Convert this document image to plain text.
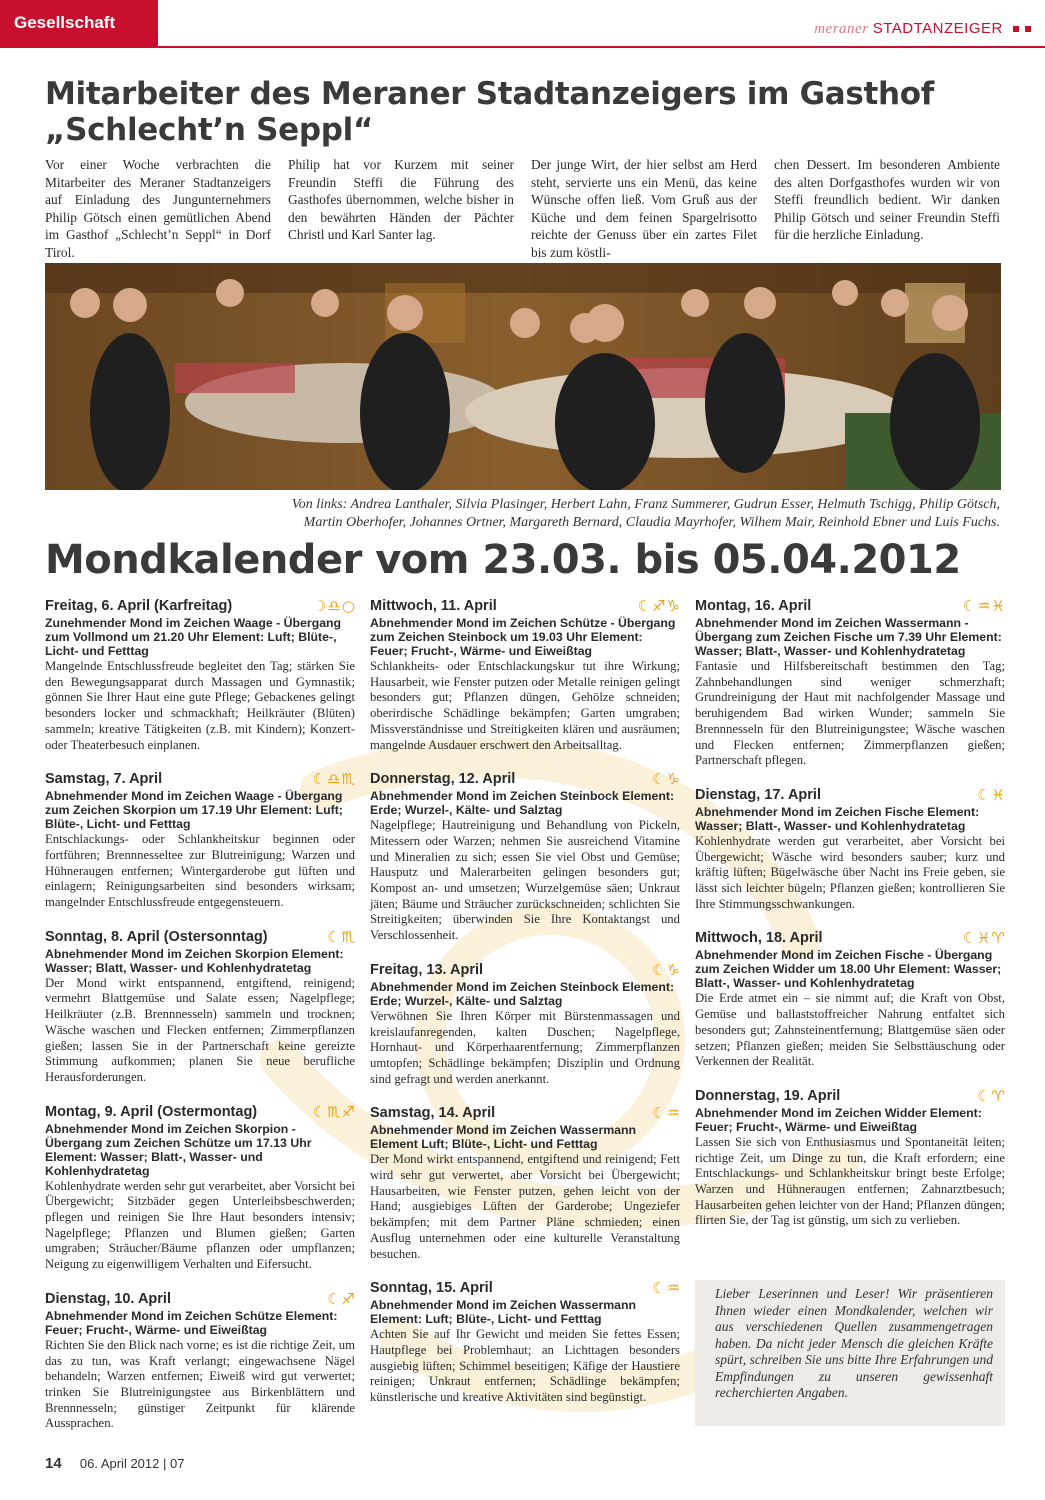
Gesellschaft	meraner STADTANZEIGER
Mitarbeiter des Meraner Stadtanzeigers im Gasthof
„Schlecht’n Seppl“
Vor einer Woche verbrachten die Mitarbeiter des Meraner Stadtanzeigers auf Einladung des Jungunternehmers Philip Götsch einen gemütlichen Abend im Gasthof „Schlecht’n Seppl“ in Dorf Tirol.
Philip hat vor Kurzem mit seiner Freundin Steffi die Führung des Gasthofes übernommen, welche bisher in den bewährten Händen der Pächter Christl und Karl Santer lag.
Der junge Wirt, der hier selbst am Herd steht, servierte uns ein Menü, das keine Wünsche offen ließ. Vom Gruß aus der Küche und dem feinen Spargelrisotto reichte der Genuss über ein zartes Filet bis zum köstli-
chen Dessert. Im besonderen Ambiente des alten Dorfgasthofes wurden wir von Steffi freundlich bedient. Wir danken Philip Götsch und seiner Freundin Steffi für die herzliche Einladung.
Von links: Andrea Lanthaler, Silvia Plasinger, Herbert Lahn, Franz Summerer, Gudrun Esser, Helmuth Tschigg, Philip Götsch,
Martin Oberhofer, Johannes Ortner, Margareth Bernard, Claudia Mayrhofer, Wilhem Mair, Reinhold Ebner und Luis Fuchs.
Mondkalender vom 23.03. bis 05.04.2012
Freitag, 6. April (Karfreitag)	☽ ♎ ○
Zunehmender Mond im Zeichen Waage - Übergang zum Vollmond um 21.20 Uhr Element: Luft; Blüte-, Licht- und Fetttag
Mangelnde Entschlussfreude begleitet den Tag; stärken Sie den Bewegungsapparat durch Massagen und Gymnastik; gönnen Sie Ihrer Haut eine gute Pflege; Gebackenes gelingt besonders locker und schmackhaft; Heilkräuter (Blüten) sammeln; kreative Tätigkeiten (z.B. mit Kindern); Konzert- oder Theaterbesuch einplanen.
Samstag, 7. April	☾ ♎ ♏
Abnehmender Mond im Zeichen Waage - Übergang zum Zeichen Skorpion um 17.19 Uhr Element: Luft; Blüte-, Licht- und Fetttag
Entschlackungs- oder Schlankheitskur beginnen oder fortführen; Brennnesseltee zur Blutreinigung; Warzen und Hühneraugen entfernen; Wintergarderobe gut lüften und einlagern; Reinigungsarbeiten sind besonders wirksam; mangelnder Entschlussfreude entgegensteuern.
Sonntag, 8. April (Ostersonntag)	☾ ♏
Abnehmender Mond im Zeichen Skorpion Element: Wasser; Blatt, Wasser- und Kohlenhydratetag
Der Mond wirkt entspannend, entgiftend, reinigend; vermehrt Blattgemüse und Salate essen; Nagelpflege; Heilkräuter (z.B. Brennnesseln) sammeln und trocknen; Wäsche waschen und Flecken entfernen; Zimmerpflanzen gießen; lassen Sie in der Partnerschaft keine gereizte Stimmung aufkommen; planen Sie neue berufliche Herausforderungen.
Montag, 9. April (Ostermontag)	☾ ♏ ♐
Abnehmender Mond im Zeichen Skorpion - Übergang zum Zeichen Schütze um 17.13 Uhr Element: Wasser; Blatt-, Wasser- und Kohlenhydratetag
Kohlenhydrate werden sehr gut verarbeitet, aber Vorsicht bei Übergewicht; Sitzbäder gegen Unterleibsbeschwerden; pflegen und reinigen Sie Ihre Haut besonders intensiv; Nagelpflege; Pflanzen und Blumen gießen; Garten umgraben; Sträucher/Bäume pflanzen oder umpflanzen; Neigung zu eigenwilligem Verhalten und Eifersucht.
Dienstag, 10. April	☾ ♐
Abnehmender Mond im Zeichen Schütze Element: Feuer; Frucht-, Wärme- und Eiweißtag
Richten Sie den Blick nach vorne; es ist die richtige Zeit, um das zu tun, was Kraft verlangt; eingewachsene Nägel behandeln; Warzen entfernen; Eiweiß wird gut verwertet; trinken Sie Blutreinigungstee aus Birkenblättern und Brennnesseln; günstiger Zeitpunkt für klärende Aussprachen.
Mittwoch, 11. April	☾ ♐ ♑
Abnehmender Mond im Zeichen Schütze - Übergang zum Zeichen Steinbock um 19.03 Uhr Element: Feuer; Frucht-, Wärme- und Eiweißtag
Schlankheits- oder Entschlackungskur tut ihre Wirkung; Hausarbeit, wie Fenster putzen oder Metalle reinigen gelingt besonders gut; Pflanzen düngen, Gehölze schneiden; oberirdische Schädlinge bekämpfen; Garten umgraben; Missverständnisse und Streitigkeiten klären und ausräumen; mangelnde Ausdauer erschwert den Arbeitsalltag.
Donnerstag, 12. April	☾ ♑
Abnehmender Mond im Zeichen Steinbock Element: Erde; Wurzel-, Kälte- und Salztag
Nagelpflege; Hautreinigung und Behandlung von Pickeln, Mitessern oder Warzen; nehmen Sie ausreichend Vitamine und Mineralien zu sich; essen Sie viel Obst und Gemüse; Hausputz und Malerarbeiten gelingen besonders gut; Kompost an- und umsetzen; Wurzelgemüse säen; Unkraut jäten; Bäume und Sträucher zurückschneiden; schlichten Sie Streitigkeiten; überwinden Sie Ihre Kontaktangst und Verschlossenheit.
Freitag, 13. April	☾ ♑
Abnehmender Mond im Zeichen Steinbock Element: Erde; Wurzel-, Kälte- und Salztag
Verwöhnen Sie Ihren Körper mit Bürstenmassagen und kreislaufanregenden, kalten Duschen; Nagelpflege, Hornhaut- und Körperhaarentfernung; Zimmerpflanzen umtopfen; Schädlinge bekämpfen; Disziplin und Ordnung sind gefragt und werden anerkannt.
Samstag, 14. April	☾ ♒
Abnehmender Mond im Zeichen Wassermann Element Luft; Blüte-, Licht- und Fetttag
Der Mond wirkt entspannend, entgiftend und reinigend; Fett wird sehr gut verwertet, aber Vorsicht bei Übergewicht; Hausarbeiten, wie Fenster putzen, gehen leicht von der Hand; ausgiebiges Lüften der Garderobe; Ungeziefer bekämpfen; mit dem Partner Pläne schmieden; einen Ausflug unternehmen oder eine kulturelle Veranstaltung besuchen.
Sonntag, 15. April	☾ ♒
Abnehmender Mond im Zeichen Wassermann Element: Luft; Blüte-, Licht- und Fetttag
Achten Sie auf Ihr Gewicht und meiden Sie fettes Essen; Hautpflege bei Problemhaut; an Lichttagen besonders ausgiebig lüften; Schimmel beseitigen; Käfige der Haustiere reinigen; Unkraut entfernen; Schädlinge bekämpfen; künstlerische und kreative Aktivitäten sind begünstigt.
Montag, 16. April	☾ ♒ ♓
Abnehmender Mond im Zeichen Wassermann - Übergang zum Zeichen Fische um 7.39 Uhr Element: Wasser; Blatt-, Wasser- und Kohlenhydratetag
Fantasie und Hilfsbereitschaft bestimmen den Tag; Zahnbehandlungen sind weniger schmerzhaft; Grundreinigung der Haut mit nachfolgender Massage und beruhigendem Bad wirken Wunder; sammeln Sie Brennnesseln für den Blutreinigungstee; Wäsche waschen und Flecken entfernen; Zimmerpflanzen gießen; Partnerschaft pflegen.
Dienstag, 17. April	☾ ♓
Abnehmender Mond im Zeichen Fische Element: Wasser; Blatt-, Wasser- und Kohlenhydratetag
Kohlenhydrate werden gut verarbeitet, aber Vorsicht bei Übergewicht; Wäsche wird besonders sauber; kurz und kräftig lüften; Bügelwäsche über Nacht ins Freie geben, sie lässt sich leichter bügeln; Pflanzen gießen; kontrollieren Sie Ihre Stimmungsschwankungen.
Mittwoch, 18. April	☾ ♓ ♈
Abnehmender Mond im Zeichen Fische - Übergang zum Zeichen Widder um 18.00 Uhr Element: Wasser; Blatt-, Wasser- und Kohlenhydratetag
Die Erde atmet ein – sie nimmt auf; die Kraft von Obst, Gemüse und ballaststoffreicher Nahrung entfaltet sich besonders gut; Zahnsteinentfernung; Blattgemüse säen oder setzen; Pflanzen gießen; meiden Sie Selbsttäuschung oder Verkennen der Realität.
Donnerstag, 19. April	☾ ♈
Abnehmender Mond im Zeichen Widder Element: Feuer; Frucht-, Wärme- und Eiweißtag
Lassen Sie sich von Enthusiasmus und Spontaneität leiten; richtige Zeit, um Dinge zu tun, die Kraft erfordern; eine Entschlackungs- und Schlankheitskur bringt beste Erfolge; Warzen und Hühneraugen entfernen; Zahnarztbesuch; Hausarbeiten gehen leichter von der Hand; Pflanzen düngen; flirten Sie, der Tag ist günstig, um sich zu verlieben.
Lieber Leserinnen und Leser! Wir präsentieren Ihnen wieder einen Mondkalender, welchen wir aus verschiedenen Quellen zusammengetragen haben. Da nicht jeder Mensch die gleichen Kräfte spürt, schreiben Sie uns bitte Ihre Erfahrungen und Empfindungen zu unseren gewissenhaft recherchierten Angaben.
14 06. April 2012 | 07
